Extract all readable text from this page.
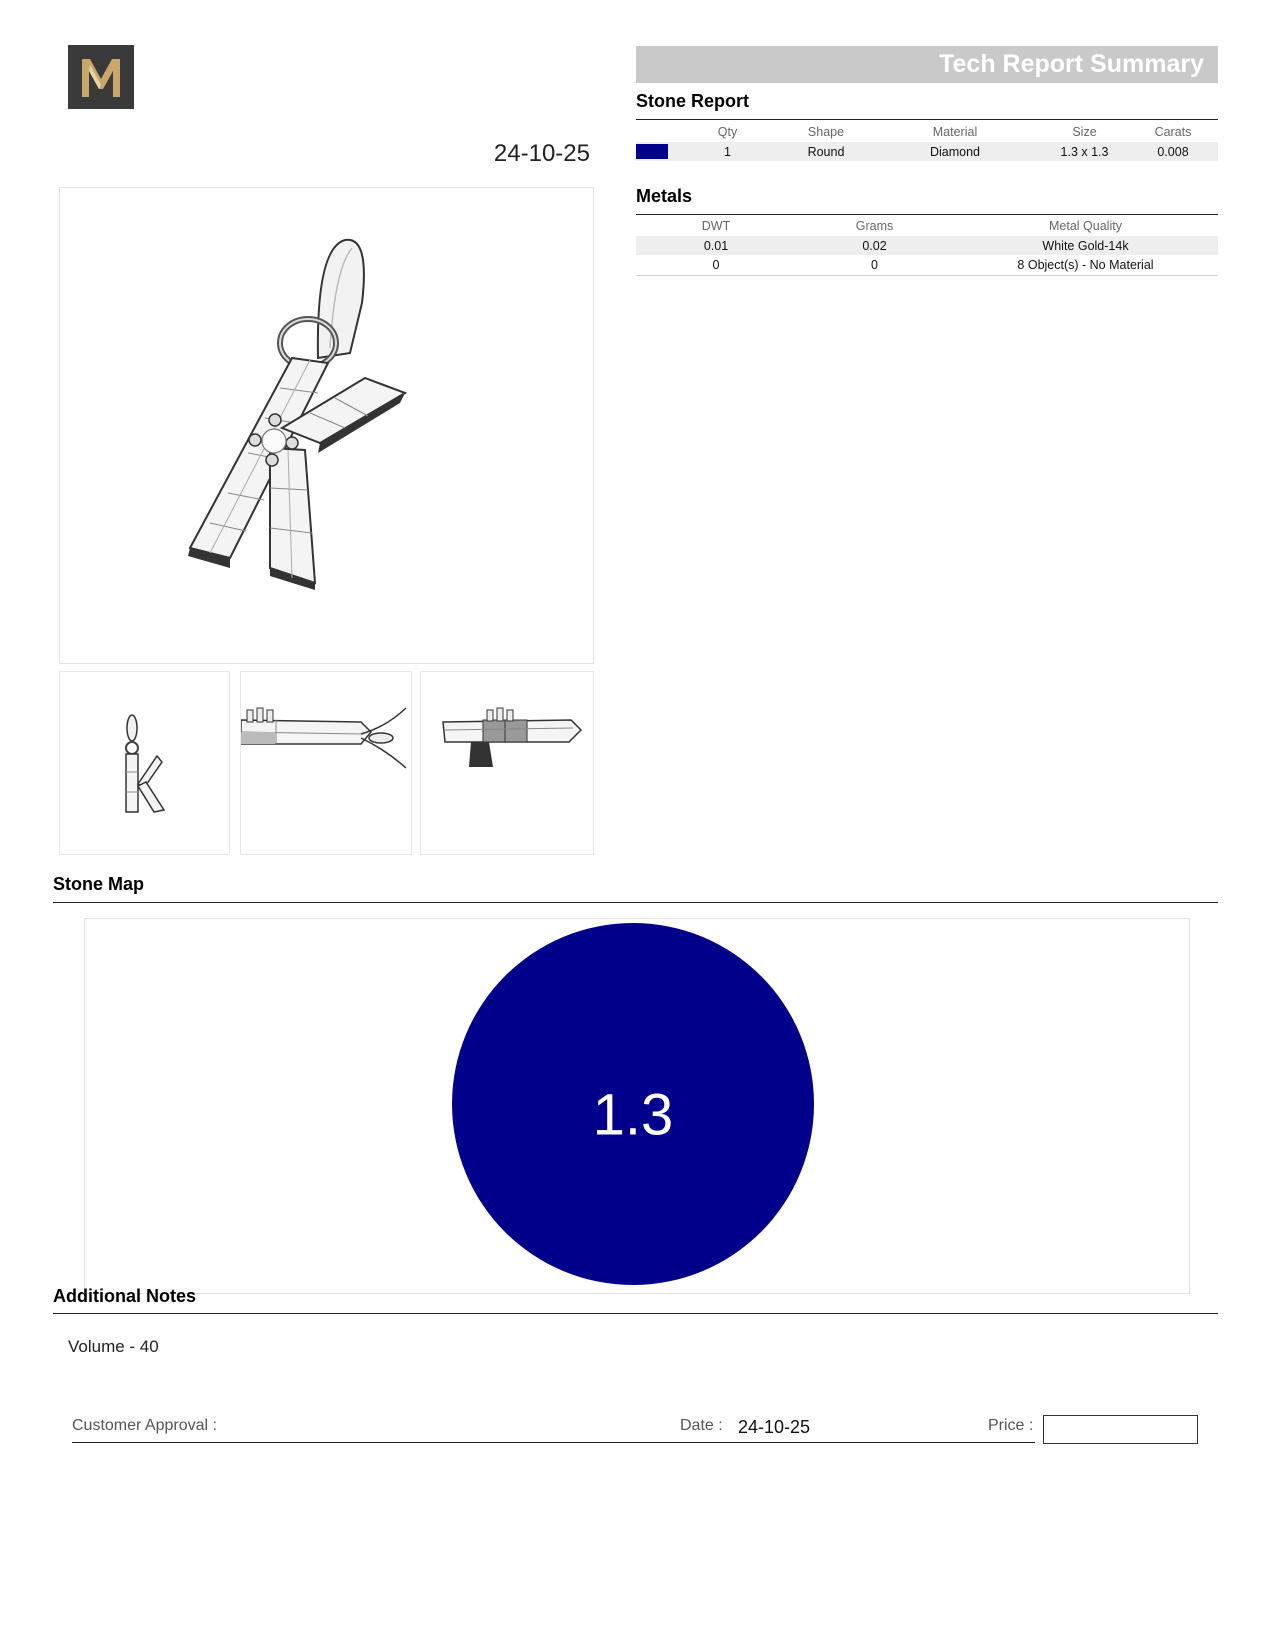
24-10-25
Tech Report Summary
Stone Report
	Qty	Shape	Material	Size	Carats
	1	Round	Diamond	1.3 x 1.3	0.008
Metals
DWT	Grams	Metal Quality
0.01	0.02	White Gold-14k
0	0	8 Object(s) - No Material
Stone Map
1.3
Additional Notes
Volume - 40
Customer Approval :	Date : 24-10-25	Price :
